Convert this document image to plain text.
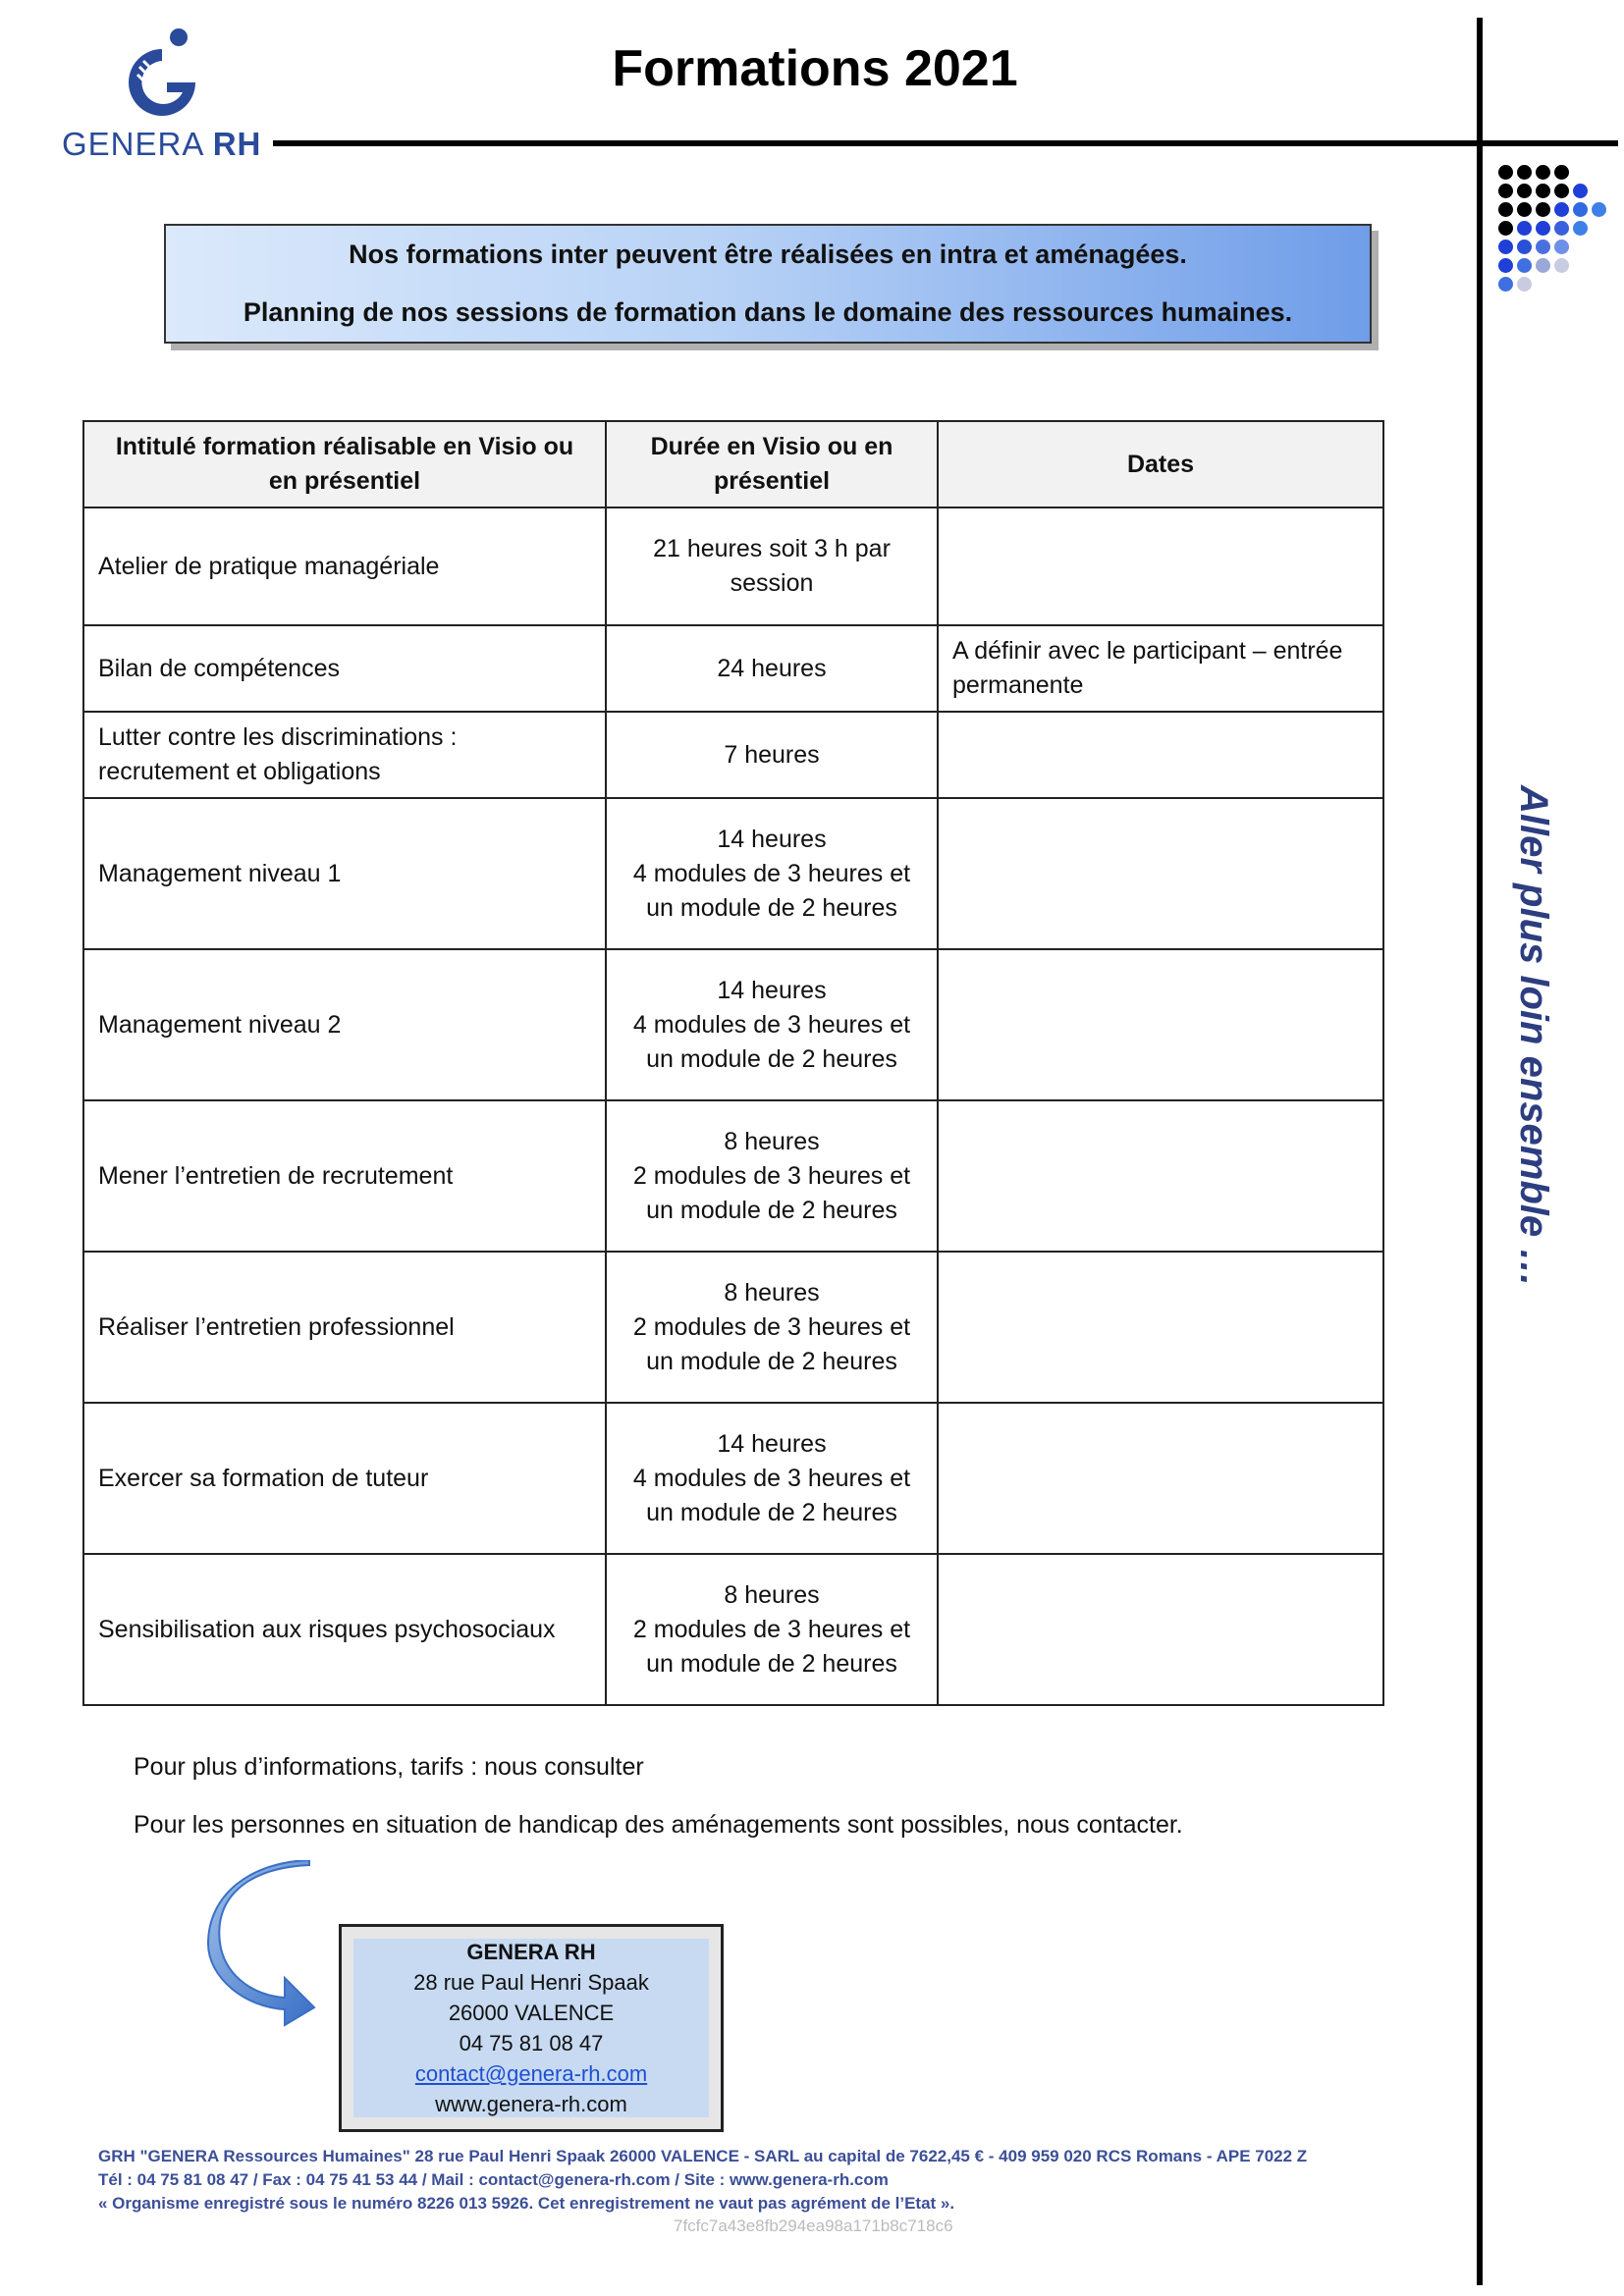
GENERA RH
Formations 2021
Nos formations inter peuvent être réalisées en intra et aménagées.
Planning de nos sessions de formation dans le domaine des ressources humaines.
Intitulé formation réalisable en Visio ou en présentiel	Durée en Visio ou en présentiel	Dates
Atelier de pratique managériale	21 heures soit 3 h par session	
Bilan de compétences	24 heures	A définir avec le participant – entrée permanente
Lutter contre les discriminations : recrutement et obligations	7 heures	
Management niveau 1	14 heures
4 modules de 3 heures et un module de 2 heures	
Management niveau 2	14 heures
4 modules de 3 heures et un module de 2 heures	
Mener l’entretien de recrutement	8 heures
2 modules de 3 heures et un module de 2 heures	
Réaliser l’entretien professionnel	8 heures
2 modules de 3 heures et un module de 2 heures	
Exercer sa formation de tuteur	14 heures
4 modules de 3 heures et un module de 2 heures	
Sensibilisation aux risques psychosociaux	8 heures
2 modules de 3 heures et un module de 2 heures	
Pour plus d’informations, tarifs : nous consulter
Pour les personnes en situation de handicap des aménagements sont possibles, nous contacter.
Aller plus loin ensemble …
GENERA RH
28 rue Paul Henri Spaak
26000 VALENCE
04 75 81 08 47
contact@genera-rh.com
www.genera-rh.com
GRH "GENERA Ressources Humaines" 28 rue Paul Henri Spaak 26000 VALENCE - SARL au capital de 7622,45 € - 409 959 020 RCS Romans - APE 7022 Z
Tél : 04 75 81 08 47 / Fax : 04 75 41 53 44 / Mail : contact@genera-rh.com / Site : www.genera-rh.com
« Organisme enregistré sous le numéro 8226 013 5926. Cet enregistrement ne vaut pas agrément de l’Etat ».
7fcfc7a43e8fb294ea98a171b8c718c6
